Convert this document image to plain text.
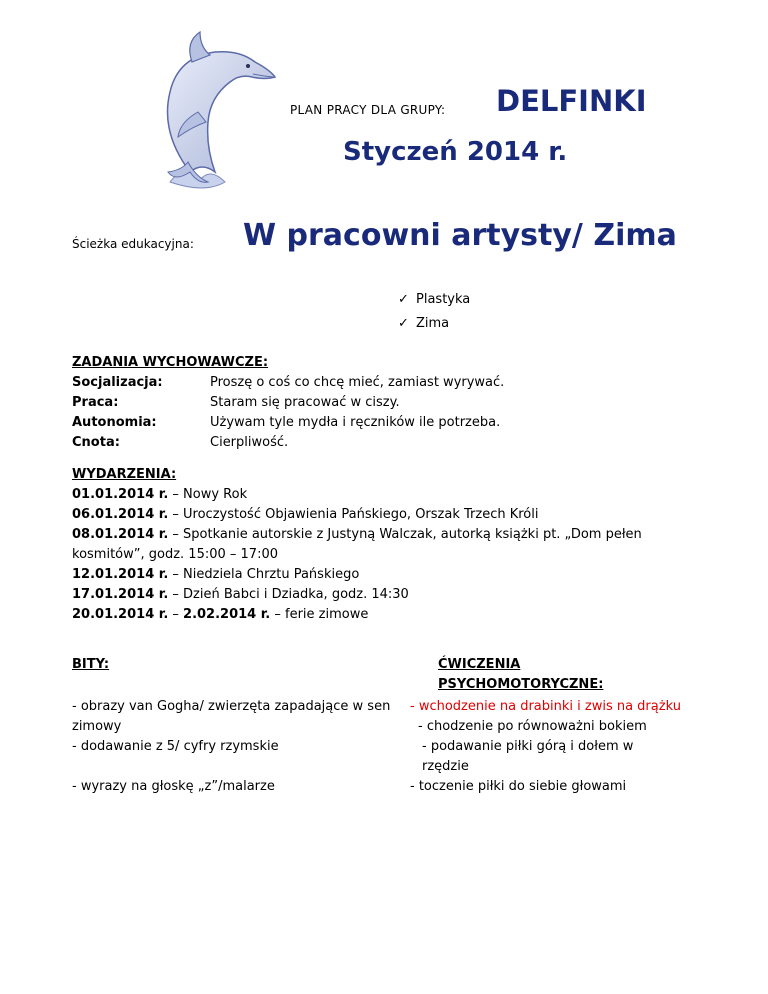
PLAN PRACY DLA GRUPY: DELFINKI
Styczeń 2014 r.
Ścieżka edukacyjna: W pracowni artysty/ Zima
✓ Plastyka
✓ Zima
ZADANIA WYCHOWAWCZE:
Socjalizacja:	Proszę o coś co chcę mieć, zamiast wyrywać.
Praca:	Staram się pracować w ciszy.
Autonomia:	Używam tyle mydła i ręczników ile potrzeba.
Cnota:	Cierpliwość.
WYDARZENIA:
01.01.2014 r. – Nowy Rok
06.01.2014 r. – Uroczystość Objawienia Pańskiego, Orszak Trzech Króli
08.01.2014 r. – Spotkanie autorskie z Justyną Walczak, autorką książki pt. „Dom pełen kosmitów”, godz. 15:00 – 17:00
12.01.2014 r. – Niedziela Chrztu Pańskiego
17.01.2014 r. – Dzień Babci i Dziadka, godz. 14:30
20.01.2014 r. – 2.02.2014 r. – ferie zimowe
BITY:
- obrazy van Gogha/ zwierzęta zapadające w sen zimowy
- dodawanie z 5/ cyfry rzymskie
- wyrazy na głoskę „z”/malarze
ĆWICZENIA
PSYCHOMOTORYCZNE:
- wchodzenie na drabinki i zwis na drążku
- chodzenie po równoważni bokiem
- podawanie piłki górą i dołem w rzędzie
- toczenie piłki do siebie głowami
